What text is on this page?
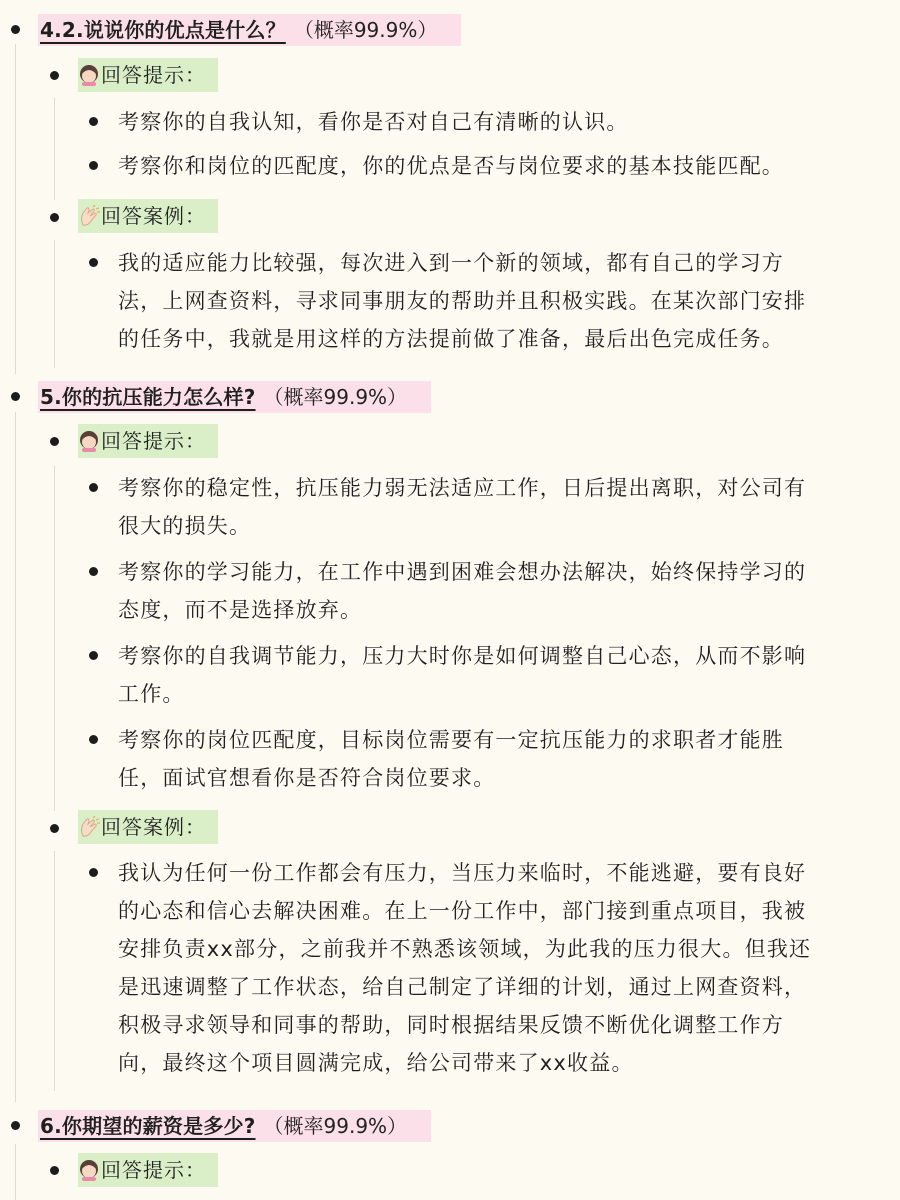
4.2.说说你的优点是什么？ （概率99.9%）
回答提示：
考察你的自我认知，看你是否对自己有清晰的认识。
考察你和岗位的匹配度，你的优点是否与岗位要求的基本技能匹配。
回答案例：
我的适应能力比较强，每次进入到一个新的领域，都有自己的学习方
法，上网查资料，寻求同事朋友的帮助并且积极实践。在某次部门安排
的任务中，我就是用这样的方法提前做了准备，最后出色完成任务。
5.你的抗压能力怎么样? （概率99.9%）
回答提示：
考察你的稳定性，抗压能力弱无法适应工作，日后提出离职，对公司有
很大的损失。
考察你的学习能力，在工作中遇到困难会想办法解决，始终保持学习的
态度，而不是选择放弃。
考察你的自我调节能力，压力大时你是如何调整自己心态，从而不影响
工作。
考察你的岗位匹配度，目标岗位需要有一定抗压能力的求职者才能胜
任，面试官想看你是否符合岗位要求。
回答案例：
我认为任何一份工作都会有压力，当压力来临时，不能逃避，要有良好
的心态和信心去解决困难。在上一份工作中，部门接到重点项目，我被
安排负责xx部分，之前我并不熟悉该领域，为此我的压力很大。但我还
是迅速调整了工作状态，给自己制定了详细的计划，通过上网查资料，
积极寻求领导和同事的帮助，同时根据结果反馈不断优化调整工作方
向，最终这个项目圆满完成，给公司带来了xx收益。
6.你期望的薪资是多少? （概率99.9%）
回答提示：
